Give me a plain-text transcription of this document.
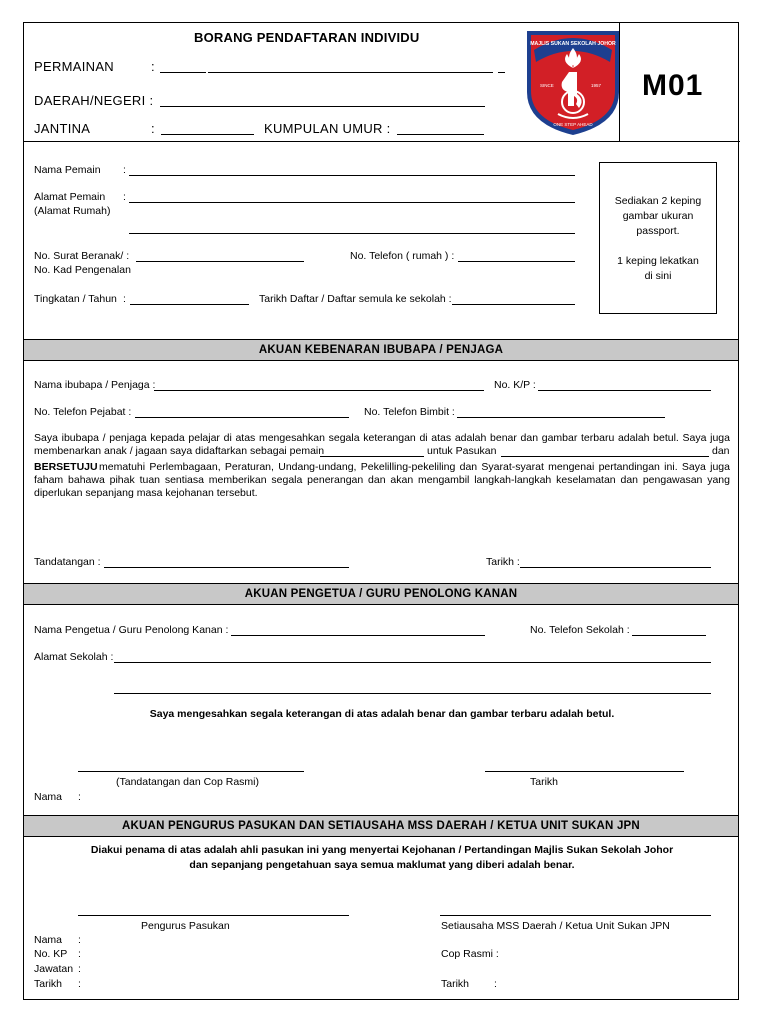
BORANG PENDAFTARAN INDIVIDU
PERMAINAN	:
DAERAH/NEGERI :
JANTINA	:	KUMPULAN UMUR :
MAJLIS SUKAN SEKOLAH JOHOR
SINCE	1957
ONE STEP AHEAD
M01
Nama Pemain :
Alamat Pemain
(Alamat Rumah)
:
No. Surat Beranak/ :
No. Kad Pengenalan
No. Telefon ( rumah ) :
Tingkatan / Tahun :	Tarikh Daftar / Daftar semula ke sekolah :
Sediakan 2 keping
gambar ukuran
passport.
1 keping lekatkan
di sini
AKUAN KEBENARAN IBUBAPA / PENJAGA
Nama ibubapa / Penjaga :	No. K/P :
No. Telefon Pejabat :	No. Telefon Bimbit :
Saya ibubapa / penjaga kepada pelajar di atas mengesahkan segala keterangan di atas adalah benar dan gambar terbaru adalah betul. Saya juga membenarkan anak / jagaan saya didaftarkan sebagai pemain	untuk Pasukan	dan
BERSETUJU mematuhi Perlembagaan, Peraturan, Undang-undang, Pekelilling-pekeliling dan Syarat-syarat mengenai pertandingan ini. Saya juga faham bahawa pihak tuan sentiasa memberikan segala penerangan dan akan mengambil langkah-langkah keselamatan dan pengawasan yang diperlukan sepanjang masa kejohanan tersebut.
Tandatangan :	Tarikh :
AKUAN PENGETUA / GURU PENOLONG KANAN
Nama Pengetua / Guru Penolong Kanan :	No. Telefon Sekolah :
Alamat Sekolah :
Saya mengesahkan segala keterangan di atas adalah benar dan gambar terbaru adalah betul.
(Tandatangan dan Cop Rasmi)	Tarikh
Nama :
AKUAN PENGURUS PASUKAN DAN SETIAUSAHA MSS DAERAH / KETUA UNIT SUKAN JPN
Diakui penama di atas adalah ahli pasukan ini yang menyertai Kejohanan / Pertandingan Majlis Sukan Sekolah Johor
dan sepanjang pengetahuan saya semua maklumat yang diberi adalah benar.
Pengurus Pasukan	Setiausaha MSS Daerah / Ketua Unit Sukan JPN
Nama :
No. KP :
Jawatan :
Tarikh :
Cop Rasmi :
Tarikh :
